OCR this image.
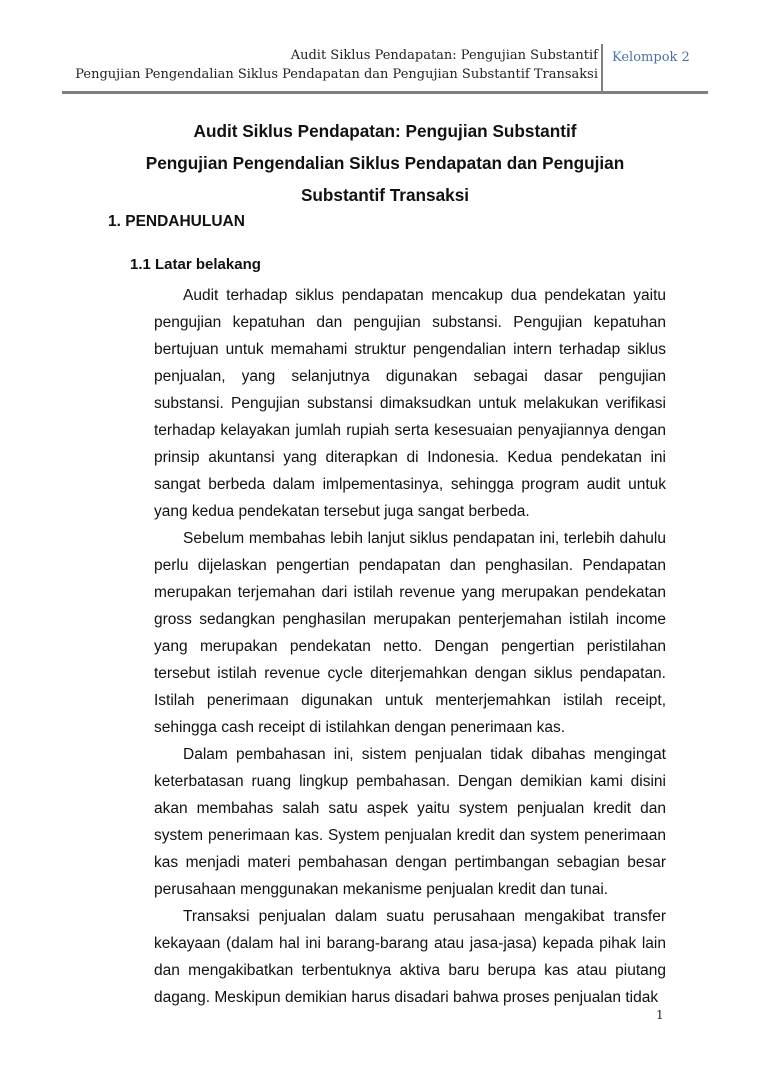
Audit Siklus Pendapatan: Pengujian Substantif
Pengujian Pengendalian Siklus Pendapatan dan Pengujian Substantif Transaksi
Kelompok 2
Audit Siklus Pendapatan: Pengujian Substantif
Pengujian Pengendalian Siklus Pendapatan dan Pengujian
Substantif Transaksi
1. PENDAHULUAN
1.1 Latar belakang

Audit terhadap siklus pendapatan mencakup dua pendekatan yaitu pengujian kepatuhan dan pengujian substansi. Pengujian kepatuhan bertujuan untuk memahami struktur pengendalian intern terhadap siklus penjualan, yang selanjutnya digunakan sebagai dasar pengujian substansi. Pengujian substansi dimaksudkan untuk melakukan verifikasi terhadap kelayakan jumlah rupiah serta kesesuaian penyajiannya dengan prinsip akuntansi yang diterapkan di Indonesia. Kedua pendekatan ini sangat berbeda dalam imlpementasinya, sehingga program audit untuk yang kedua pendekatan tersebut juga sangat berbeda.

Sebelum membahas lebih lanjut siklus pendapatan ini, terlebih dahulu perlu dijelaskan pengertian pendapatan dan penghasilan. Pendapatan merupakan terjemahan dari istilah revenue yang merupakan pendekatan gross sedangkan penghasilan merupakan penterjemahan istilah income yang merupakan pendekatan netto. Dengan pengertian peristilahan tersebut istilah revenue cycle diterjemahkan dengan siklus pendapatan. Istilah penerimaan digunakan untuk menterjemahkan istilah receipt, sehingga cash receipt di istilahkan dengan penerimaan kas.

Dalam pembahasan ini, sistem penjualan tidak dibahas mengingat keterbatasan ruang lingkup pembahasan. Dengan demikian kami disini akan membahas salah satu aspek yaitu system penjualan kredit dan system penerimaan kas. System penjualan kredit dan system penerimaan kas menjadi materi pembahasan dengan pertimbangan sebagian besar perusahaan menggunakan mekanisme penjualan kredit dan tunai.

Transaksi penjualan dalam suatu perusahaan mengakibat transfer kekayaan (dalam hal ini barang-barang atau jasa-jasa) kepada pihak lain dan mengakibatkan terbentuknya aktiva baru berupa kas atau piutang dagang. Meskipun demikian harus disadari bahwa proses penjualan tidak

1
